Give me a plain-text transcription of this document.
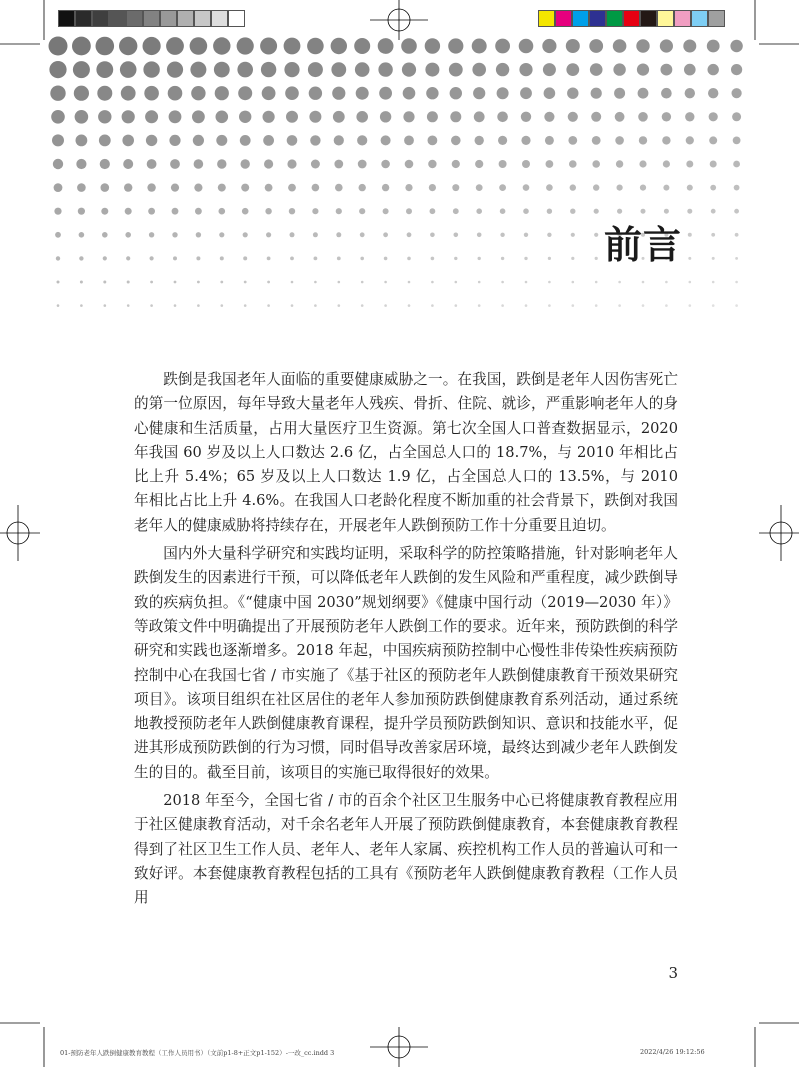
前言

跌倒是我国老年人面临的重要健康威胁之一。在我国，跌倒是老年人因伤害死亡的第一位原因，每年导致大量老年人残疾、骨折、住院、就诊，严重影响老年人的身心健康和生活质量，占用大量医疗卫生资源。第七次全国人口普查数据显示，2020 年我国 60 岁及以上人口数达 2.6 亿，占全国总人口的 18.7%，与 2010 年相比占比上升 5.4%；65 岁及以上人口数达 1.9 亿，占全国总人口的 13.5%，与 2010 年相比占比上升 4.6%。在我国人口老龄化程度不断加重的社会背景下，跌倒对我国老年人的健康威胁将持续存在，开展老年人跌倒预防工作十分重要且迫切。

国内外大量科学研究和实践均证明，采取科学的防控策略措施，针对影响老年人跌倒发生的因素进行干预，可以降低老年人跌倒的发生风险和严重程度，减少跌倒导致的疾病负担。《“健康中国 2030”规划纲要》《健康中国行动（2019—2030 年）》等政策文件中明确提出了开展预防老年人跌倒工作的要求。近年来，预防跌倒的科学研究和实践也逐渐增多。2018 年起，中国疾病预防控制中心慢性非传染性疾病预防控制中心在我国七省 / 市实施了《基于社区的预防老年人跌倒健康教育干预效果研究项目》。该项目组织在社区居住的老年人参加预防跌倒健康教育系列活动，通过系统地教授预防老年人跌倒健康教育课程，提升学员预防跌倒知识、意识和技能水平，促进其形成预防跌倒的行为习惯，同时倡导改善家居环境，最终达到减少老年人跌倒发生的目的。截至目前，该项目的实施已取得很好的效果。

2018 年至今，全国七省 / 市的百余个社区卫生服务中心已将健康教育教程应用于社区健康教育活动，对千余名老年人开展了预防跌倒健康教育，本套健康教育教程得到了社区卫生工作人员、老年人、老年人家属、疾控机构工作人员的普遍认可和一致好评。本套健康教育教程包括的工具有《预防老年人跌倒健康教育教程（工作人员用

3
01-预防老年人跌倒健康教育教程（工作人员用书）（文前p1-8+正文p1-152）-一改_cc.indd 3	2022/4/26 19:12:56
